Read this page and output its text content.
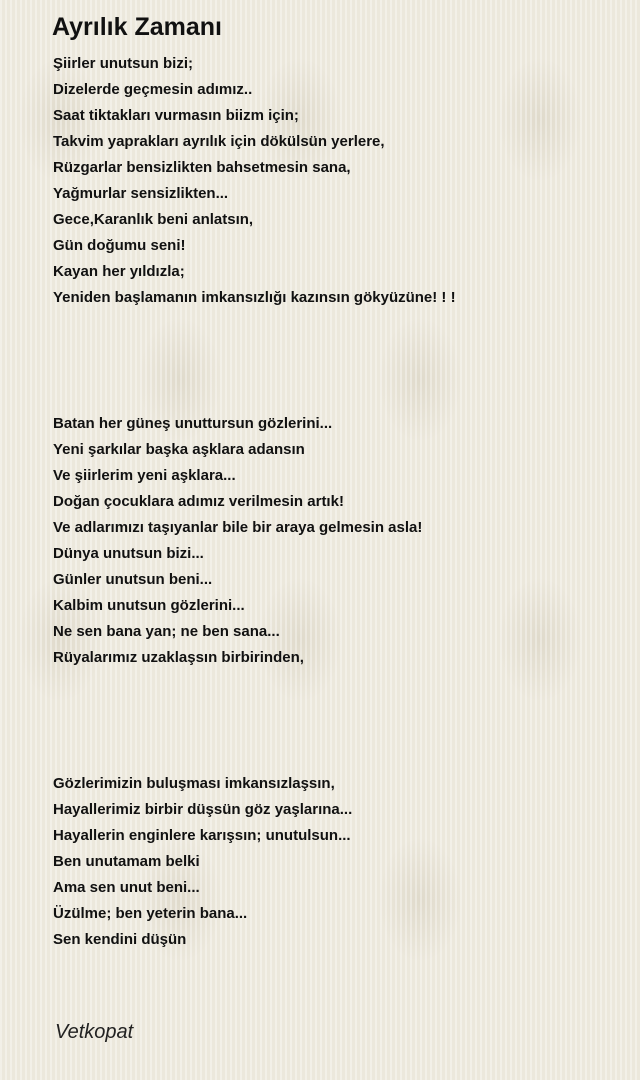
Ayrılık Zamanı
Şiirler unutsun bizi;
Dizelerde geçmesin adımız..
Saat tiktakları vurmasın biizm için;
Takvim yaprakları ayrılık için dökülsün yerlere,
Rüzgarlar bensizlikten bahsetmesin sana,
Yağmurlar sensizlikten...
Gece,Karanlık beni anlatsın,
Gün doğumu seni!
Kayan her yıldızla;
Yeniden başlamanın imkansızlığı kazınsın gökyüzüne! ! !
Batan her güneş unuttursun gözlerini...
Yeni şarkılar başka aşklara adansın
Ve şiirlerim yeni aşklara...
Doğan çocuklara adımız verilmesin artık!
Ve adlarımızı taşıyanlar bile bir araya gelmesin asla!
Dünya unutsun bizi...
Günler unutsun beni...
Kalbim unutsun gözlerini...
Ne sen bana yan; ne ben sana...
Rüyalarımız uzaklaşsın birbirinden,
Gözlerimizin buluşması imkansızlaşsın,
Hayallerimiz birbir düşsün göz yaşlarına...
Hayallerin enginlere karışsın; unutulsun...
Ben unutamam belki
Ama sen unut beni...
Üzülme; ben yeterin bana...
Sen kendini düşün
Vetkopat
